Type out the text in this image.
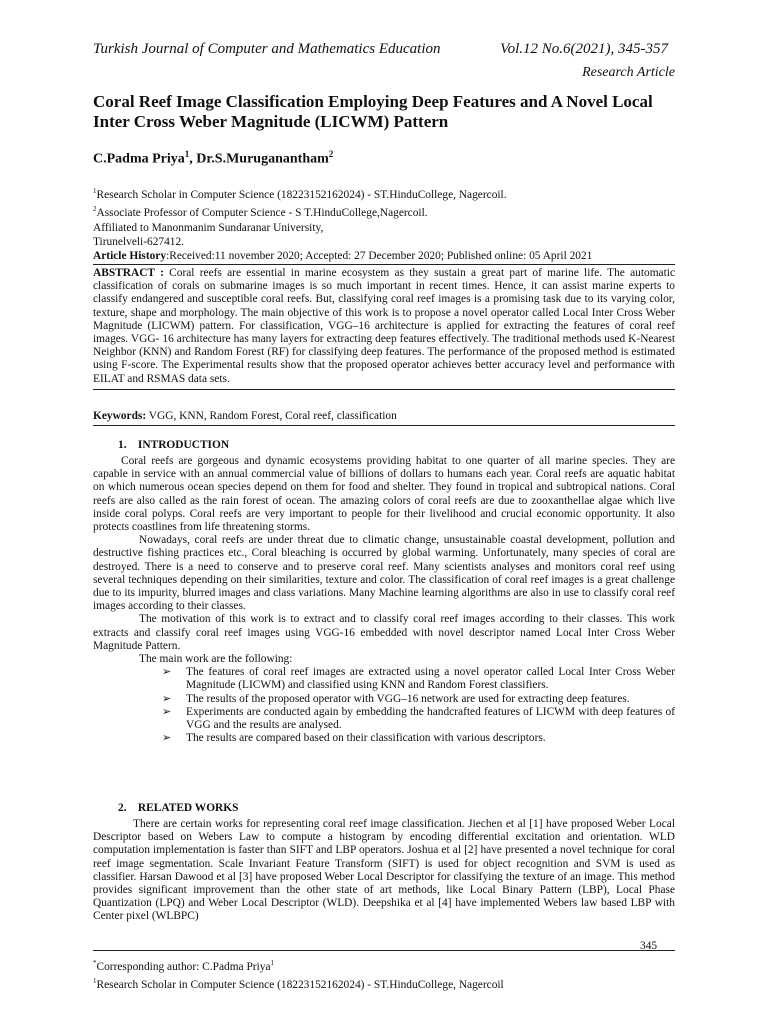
Turkish Journal of Computer and Mathematics Education	Vol.12 No.6(2021), 345-357
Research Article
Coral Reef Image Classification Employing Deep Features and A Novel Local Inter Cross Weber Magnitude (LICWM) Pattern
C.Padma Priya$^1$, Dr.S.Muruganantham$^2$
$^1$Research Scholar in Computer Science (18223152162024) - ST.HinduCollege, Nagercoil.
$^2$Associate Professor of Computer Science - S T.HinduCollege,Nagercoil.
Affiliated to Manonmanim Sundaranar University,
Tirunelveli-627412.
Article History:Received:11 november 2020; Accepted: 27 December 2020; Published online: 05 April 2021
ABSTRACT : Coral reefs are essential in marine ecosystem as they sustain a great part of marine life. The automatic classification of corals on submarine images is so much important in recent times. Hence, it can assist marine experts to classify endangered and susceptible coral reefs. But, classifying coral reef images is a promising task due to its varying color, texture, shape and morphology. The main objective of this work is to propose a novel operator called Local Inter Cross Weber Magnitude (LICWM) pattern. For classification, VGG‒16 architecture is applied for extracting the features of coral reef images. VGG- 16 architecture has many layers for extracting deep features effectively. The traditional methods used K-Nearest Neighbor (KNN) and Random Forest (RF) for classifying deep features. The performance of the proposed method is estimated using F-score. The Experimental results show that the proposed operator achieves better accuracy level and performance with EILAT and RSMAS data sets.
Keywords: VGG, KNN, Random Forest, Coral reef, classification
1.    INTRODUCTION

Coral reefs are gorgeous and dynamic ecosystems providing habitat to one quarter of all marine species. They are capable in service with an annual commercial value of billions of dollars to humans each year. Coral reefs are aquatic habitat on which numerous ocean species depend on them for food and shelter. They found in tropical and subtropical nations. Coral reefs are also called as the rain forest of ocean. The amazing colors of coral reefs are due to zooxanthellae algae which live inside coral polyps. Coral reefs are very important to people for their livelihood and crucial economic opportunity. It also protects coastlines from life threatening storms.

Nowadays, coral reefs are under threat due to climatic change, unsustainable coastal development, pollution and destructive fishing practices etc., Coral bleaching is occurred by global warming. Unfortunately, many species of coral are destroyed. There is a need to conserve and to preserve coral reef. Many scientists analyses and monitors coral reef using several techniques depending on their similarities, texture and color. The classification of coral reef images is a great challenge due to its impurity, blurred images and class variations. Many Machine learning algorithms are also in use to classify coral reef images according to their classes.

The motivation of this work is to extract and to classify coral reef images according to their classes. This work extracts and classify coral reef images using VGG-16 embedded with novel descriptor named Local Inter Cross Weber Magnitude Pattern.

The main work are the following:

➢ The features of coral reef images are extracted using a novel operator called Local Inter Cross Weber Magnitude (LICWM) and classified using KNN and Random Forest classifiers.
➢ The results of the proposed operator with VGG‒16 network are used for extracting deep features.
➢ Experiments are conducted again by embedding the handcrafted features of LICWM with deep features of VGG and the results are analysed.
➢ The results are compared based on their classification with various descriptors.
2.    RELATED WORKS

There are certain works for representing coral reef image classification. Jiechen et al [1] have proposed Weber Local Descriptor based on Webers Law to compute a histogram by encoding differential excitation and orientation. WLD computation implementation is faster than SIFT and LBP operators. Joshua et al [2] have presented a novel technique for coral reef image segmentation. Scale Invariant Feature Transform (SIFT) is used for object recognition and SVM is used as classifier. Harsan Dawood et al [3] have proposed Weber Local Descriptor for classifying the texture of an image. This method provides significant improvement than the other state of art methods, like Local Binary Pattern (LBP), Local Phase Quantization (LPQ) and Weber Local Descriptor (WLD). Deepshika et al [4] have implemented Webers law based LBP with Center pixel (WLBPC)

345
*Corresponding author: C.Padma Priya$^1$
$^1$Research Scholar in Computer Science (18223152162024) - ST.HinduCollege, Nagercoil
